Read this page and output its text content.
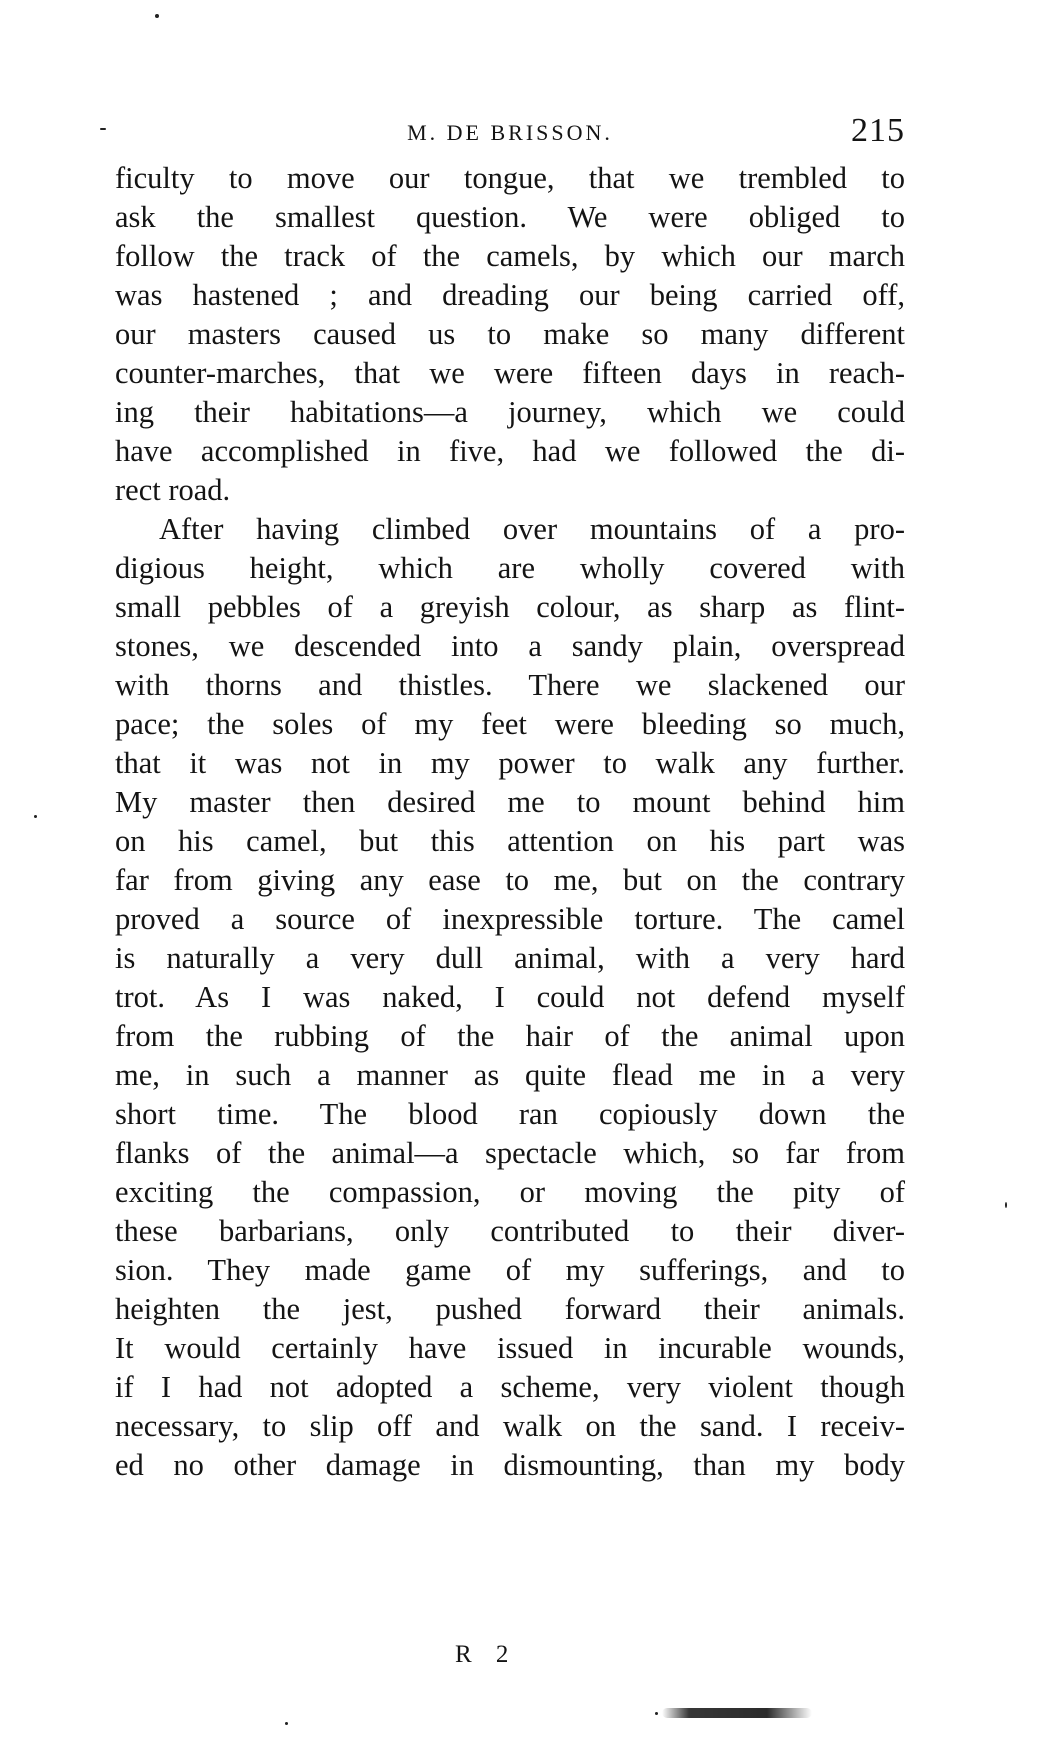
M. DE BRISSON.	215
ficulty to move our tongue, that we trembled to
ask the smallest question. We were obliged to
follow the track of the camels, by which our march
was hastened ; and dreading our being carried off,
our masters caused us to make so many different
counter-marches, that we were fifteen days in reach-
ing their habitations—a journey, which we could
have accomplished in five, had we followed the di-
rect road.
After having climbed over mountains of a pro-
digious height, which are wholly covered with
small pebbles of a greyish colour, as sharp as flint-
stones, we descended into a sandy plain, overspread
with thorns and thistles. There we slackened our
pace; the soles of my feet were bleeding so much,
that it was not in my power to walk any further.
My master then desired me to mount behind him
on his camel, but this attention on his part was
far from giving any ease to me, but on the contrary
proved a source of inexpressible torture. The camel
is naturally a very dull animal, with a very hard
trot. As I was naked, I could not defend myself
from the rubbing of the hair of the animal upon
me, in such a manner as quite flead me in a very
short time. The blood ran copiously down the
flanks of the animal—a spectacle which, so far from
exciting the compassion, or moving the pity of
these barbarians, only contributed to their diver-
sion. They made game of my sufferings, and to
heighten the jest, pushed forward their animals.
It would certainly have issued in incurable wounds,
if I had not adopted a scheme, very violent though
necessary, to slip off and walk on the sand. I receiv-
ed no other damage in dismounting, than my body
R 2
